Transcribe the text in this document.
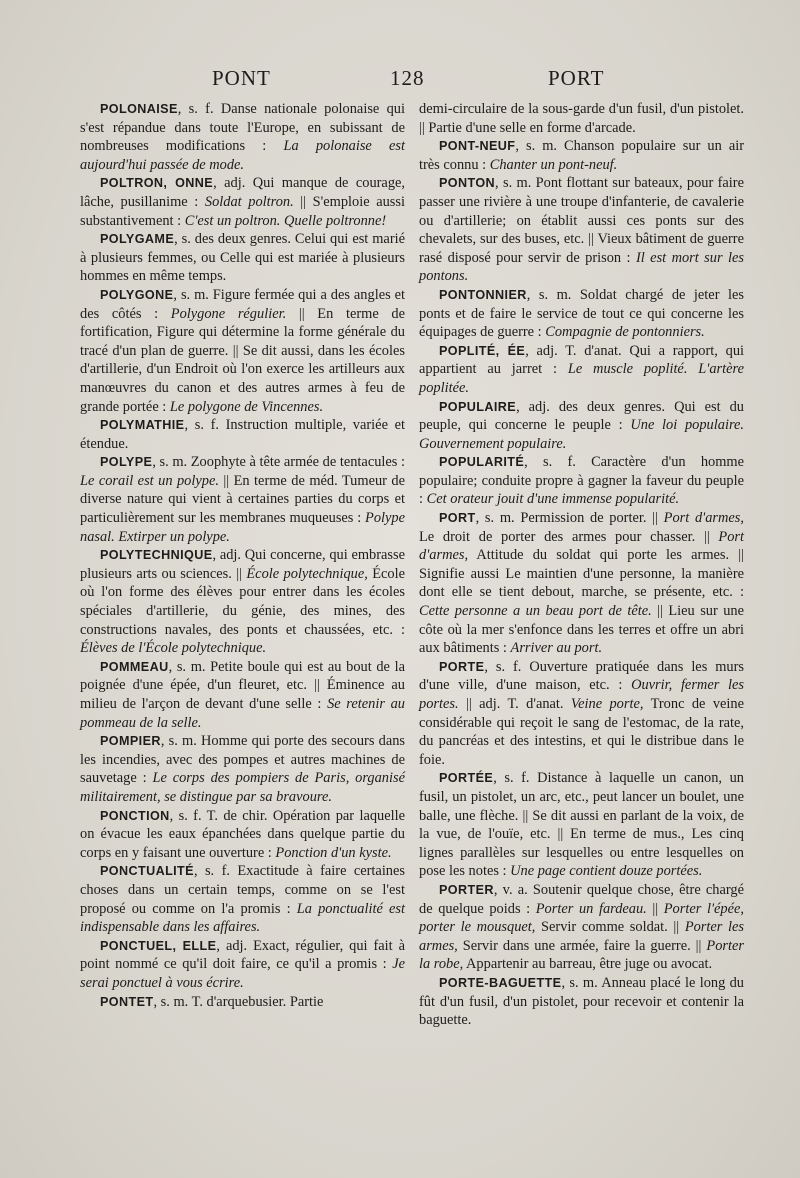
PONT	128	PORT

POLONAISE, s. f. Danse nationale polonaise qui s'est répandue dans toute l'Europe, en subissant de nombreuses modifications : La polonaise est aujourd'hui passée de mode.

POLTRON, ONNE, adj. Qui manque de courage, lâche, pusillanime : Soldat poltron. || S'emploie aussi substantivement : C'est un poltron. Quelle poltronne!

POLYGAME, s. des deux genres. Celui qui est marié à plusieurs femmes, ou Celle qui est mariée à plusieurs hommes en même temps.

POLYGONE, s. m. Figure fermée qui a des angles et des côtés : Polygone régulier. || En terme de fortification, Figure qui détermine la forme générale du tracé d'un plan de guerre. || Se dit aussi, dans les écoles d'artillerie, d'un Endroit où l'on exerce les artilleurs aux manœuvres du canon et des autres armes à feu de grande portée : Le polygone de Vincennes.

POLYMATHIE, s. f. Instruction multiple, variée et étendue.

POLYPE, s. m. Zoophyte à tête armée de tentacules : Le corail est un polype. || En terme de méd. Tumeur de diverse nature qui vient à certaines parties du corps et particulièrement sur les membranes muqueuses : Polype nasal. Extirper un polype.

POLYTECHNIQUE, adj. Qui concerne, qui embrasse plusieurs arts ou sciences. || École polytechnique, École où l'on forme des élèves pour entrer dans les écoles spéciales d'artillerie, du génie, des mines, des constructions navales, des ponts et chaussées, etc. : Élèves de l'École polytechnique.

POMMEAU, s. m. Petite boule qui est au bout de la poignée d'une épée, d'un fleuret, etc. || Éminence au milieu de l'arçon de devant d'une selle : Se retenir au pommeau de la selle.

POMPIER, s. m. Homme qui porte des secours dans les incendies, avec des pompes et autres machines de sauvetage : Le corps des pompiers de Paris, organisé militairement, se distingue par sa bravoure.

PONCTION, s. f. T. de chir. Opération par laquelle on évacue les eaux épanchées dans quelque partie du corps en y faisant une ouverture : Ponction d'un kyste.

PONCTUALITÉ, s. f. Exactitude à faire certaines choses dans un certain temps, comme on se l'est proposé ou comme on l'a promis : La ponctualité est indispensable dans les affaires.

PONCTUEL, ELLE, adj. Exact, régulier, qui fait à point nommé ce qu'il doit faire, ce qu'il a promis : Je serai ponctuel à vous écrire.

PONTET, s. m. T. d'arquebusier. Partie

demi-circulaire de la sous-garde d'un fusil, d'un pistolet. || Partie d'une selle en forme d'arcade.

PONT-NEUF, s. m. Chanson populaire sur un air très connu : Chanter un pont-neuf.

PONTON, s. m. Pont flottant sur bateaux, pour faire passer une rivière à une troupe d'infanterie, de cavalerie ou d'artillerie; on établit aussi ces ponts sur des chevalets, sur des buses, etc. || Vieux bâtiment de guerre rasé disposé pour servir de prison : Il est mort sur les pontons.

PONTONNIER, s. m. Soldat chargé de jeter les ponts et de faire le service de tout ce qui concerne les équipages de guerre : Compagnie de pontonniers.

POPLITÉ, ÉE, adj. T. d'anat. Qui a rapport, qui appartient au jarret : Le muscle poplité. L'artère poplitée.

POPULAIRE, adj. des deux genres. Qui est du peuple, qui concerne le peuple : Une loi populaire. Gouvernement populaire.

POPULARITÉ, s. f. Caractère d'un homme populaire; conduite propre à gagner la faveur du peuple : Cet orateur jouit d'une immense popularité.

PORT, s. m. Permission de porter. || Port d'armes, Le droit de porter des armes pour chasser. || Port d'armes, Attitude du soldat qui porte les armes. || Signifie aussi Le maintien d'une personne, la manière dont elle se tient debout, marche, se présente, etc. : Cette personne a un beau port de tête. || Lieu sur une côte où la mer s'enfonce dans les terres et offre un abri aux bâtiments : Arriver au port.

PORTE, s. f. Ouverture pratiquée dans les murs d'une ville, d'une maison, etc. : Ouvrir, fermer les portes. || adj. T. d'anat. Veine porte, Tronc de veine considérable qui reçoit le sang de l'estomac, de la rate, du pancréas et des intestins, et qui le distribue dans le foie.

PORTÉE, s. f. Distance à laquelle un canon, un fusil, un pistolet, un arc, etc., peut lancer un boulet, une balle, une flèche. || Se dit aussi en parlant de la voix, de la vue, de l'ouïe, etc. || En terme de mus., Les cinq lignes parallèles sur lesquelles ou entre lesquelles on pose les notes : Une page contient douze portées.

PORTER, v. a. Soutenir quelque chose, être chargé de quelque poids : Porter un fardeau. || Porter l'épée, porter le mousquet, Servir comme soldat. || Porter les armes, Servir dans une armée, faire la guerre. || Porter la robe, Appartenir au barreau, être juge ou avocat.

PORTE-BAGUETTE, s. m. Anneau placé le long du fût d'un fusil, d'un pistolet, pour recevoir et contenir la baguette.
